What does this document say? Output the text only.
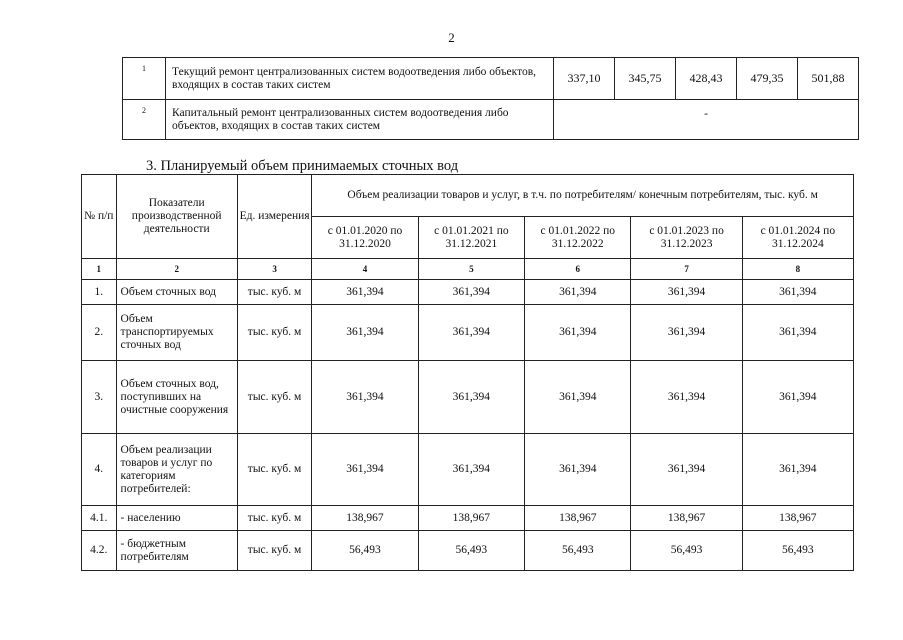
2
1	Текущий ремонт централизованных систем водоотведения либо объектов, входящих в состав таких систем	337,10	345,75	428,43	479,35	501,88
2	Капитальный ремонт централизованных систем водоотведения либо объектов, входящих в состав таких систем	-				
3. Планируемый объем принимаемых сточных вод
№ п/п	Показатели производственной деятельности	Ед. измерения	Объем реализации товаров и услуг, в т.ч. по потребителям/ конечным потребителям, тыс. куб. м				
			с 01.01.2020 по 31.12.2020	с 01.01.2021 по 31.12.2021	с 01.01.2022 по 31.12.2022	с 01.01.2023 по 31.12.2023	с 01.01.2024 по 31.12.2024
1	2	3	4	5	6	7	8
1.	Объем сточных вод	тыс. куб. м	361,394	361,394	361,394	361,394	361,394
2.	Объем транспортируемых сточных вод	тыс. куб. м	361,394	361,394	361,394	361,394	361,394
3.	Объем сточных вод, поступивших на очистные сооружения	тыс. куб. м	361,394	361,394	361,394	361,394	361,394
4.	Объем реализации товаров и услуг по категориям потребителей:	тыс. куб. м	361,394	361,394	361,394	361,394	361,394
4.1.	- населению	тыс. куб. м	138,967	138,967	138,967	138,967	138,967
4.2.	- бюджетным потребителям	тыс. куб. м	56,493	56,493	56,493	56,493	56,493
